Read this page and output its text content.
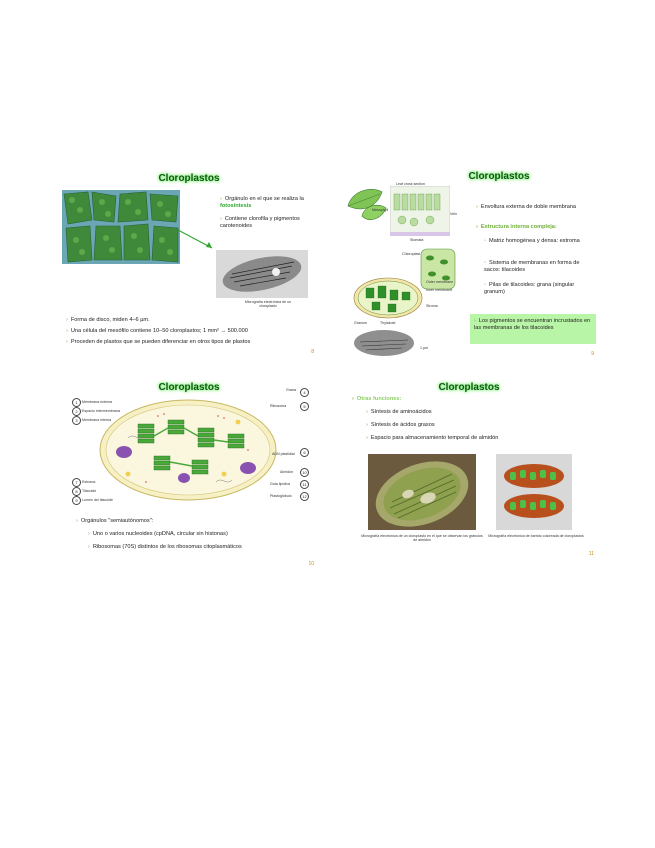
Cloroplastos
› Orgánulo en el que se realiza la fotosíntesis
› Contiene clorofila y pigmentos carotenoides
Micrografía electrónica de un cloroplasto
› Forma de disco, miden 4–6 µm.
› Una célula del mesófilo contiene 10–50 cloroplastos; 1 mm² → 500.000
› Proceden de plastos que se pueden diferenciar en otros tipos de plastos
8
Cloroplastos
Leaf cross section
Mesophyll
Vein
Stomata
Chloroplast
Outer membrane
Inner membrane
Stroma
Granum	Thylakoid
1 µm
› Envoltura externa de doble membrana
› Estructura interna compleja:
◦ Matriz homogénea y densa: estroma
◦ Sistema de membranas en forma de sacos: tilacoides
◦ Pilas de tilacoides: grana (singular granum)
› Los pigmentos se encuentran incrustados en las membranas de los tilacoides
9
Cloroplastos
1	Membrana externa
2	Espacio intermembrana
3	Membrana interna
7	Estroma
8	Tilacoide
9	Lumen del tilacoide
Grana	4
Ribosoma	5
ADN plastidial	6
Almidón	10
Gota lipídica	11
Plastoglóbulo	12
› Orgánulos "semiautónomos":
› Uno o varios nucleoides (cpDNA, circular sin histonas)
› Ribosomas (70S) distintos de los ribosomas citoplasmáticos
10
Cloroplastos
› Otras funciones:
› Síntesis de aminoácidos
› Síntesis de ácidos grasos
› Espacio para almacenamiento temporal de almidón
Micrografía electrónica de un cloroplasto en el que se observan los gránulos de almidón
Micrografía electrónica de barrido coloreada de cloroplastos
11
